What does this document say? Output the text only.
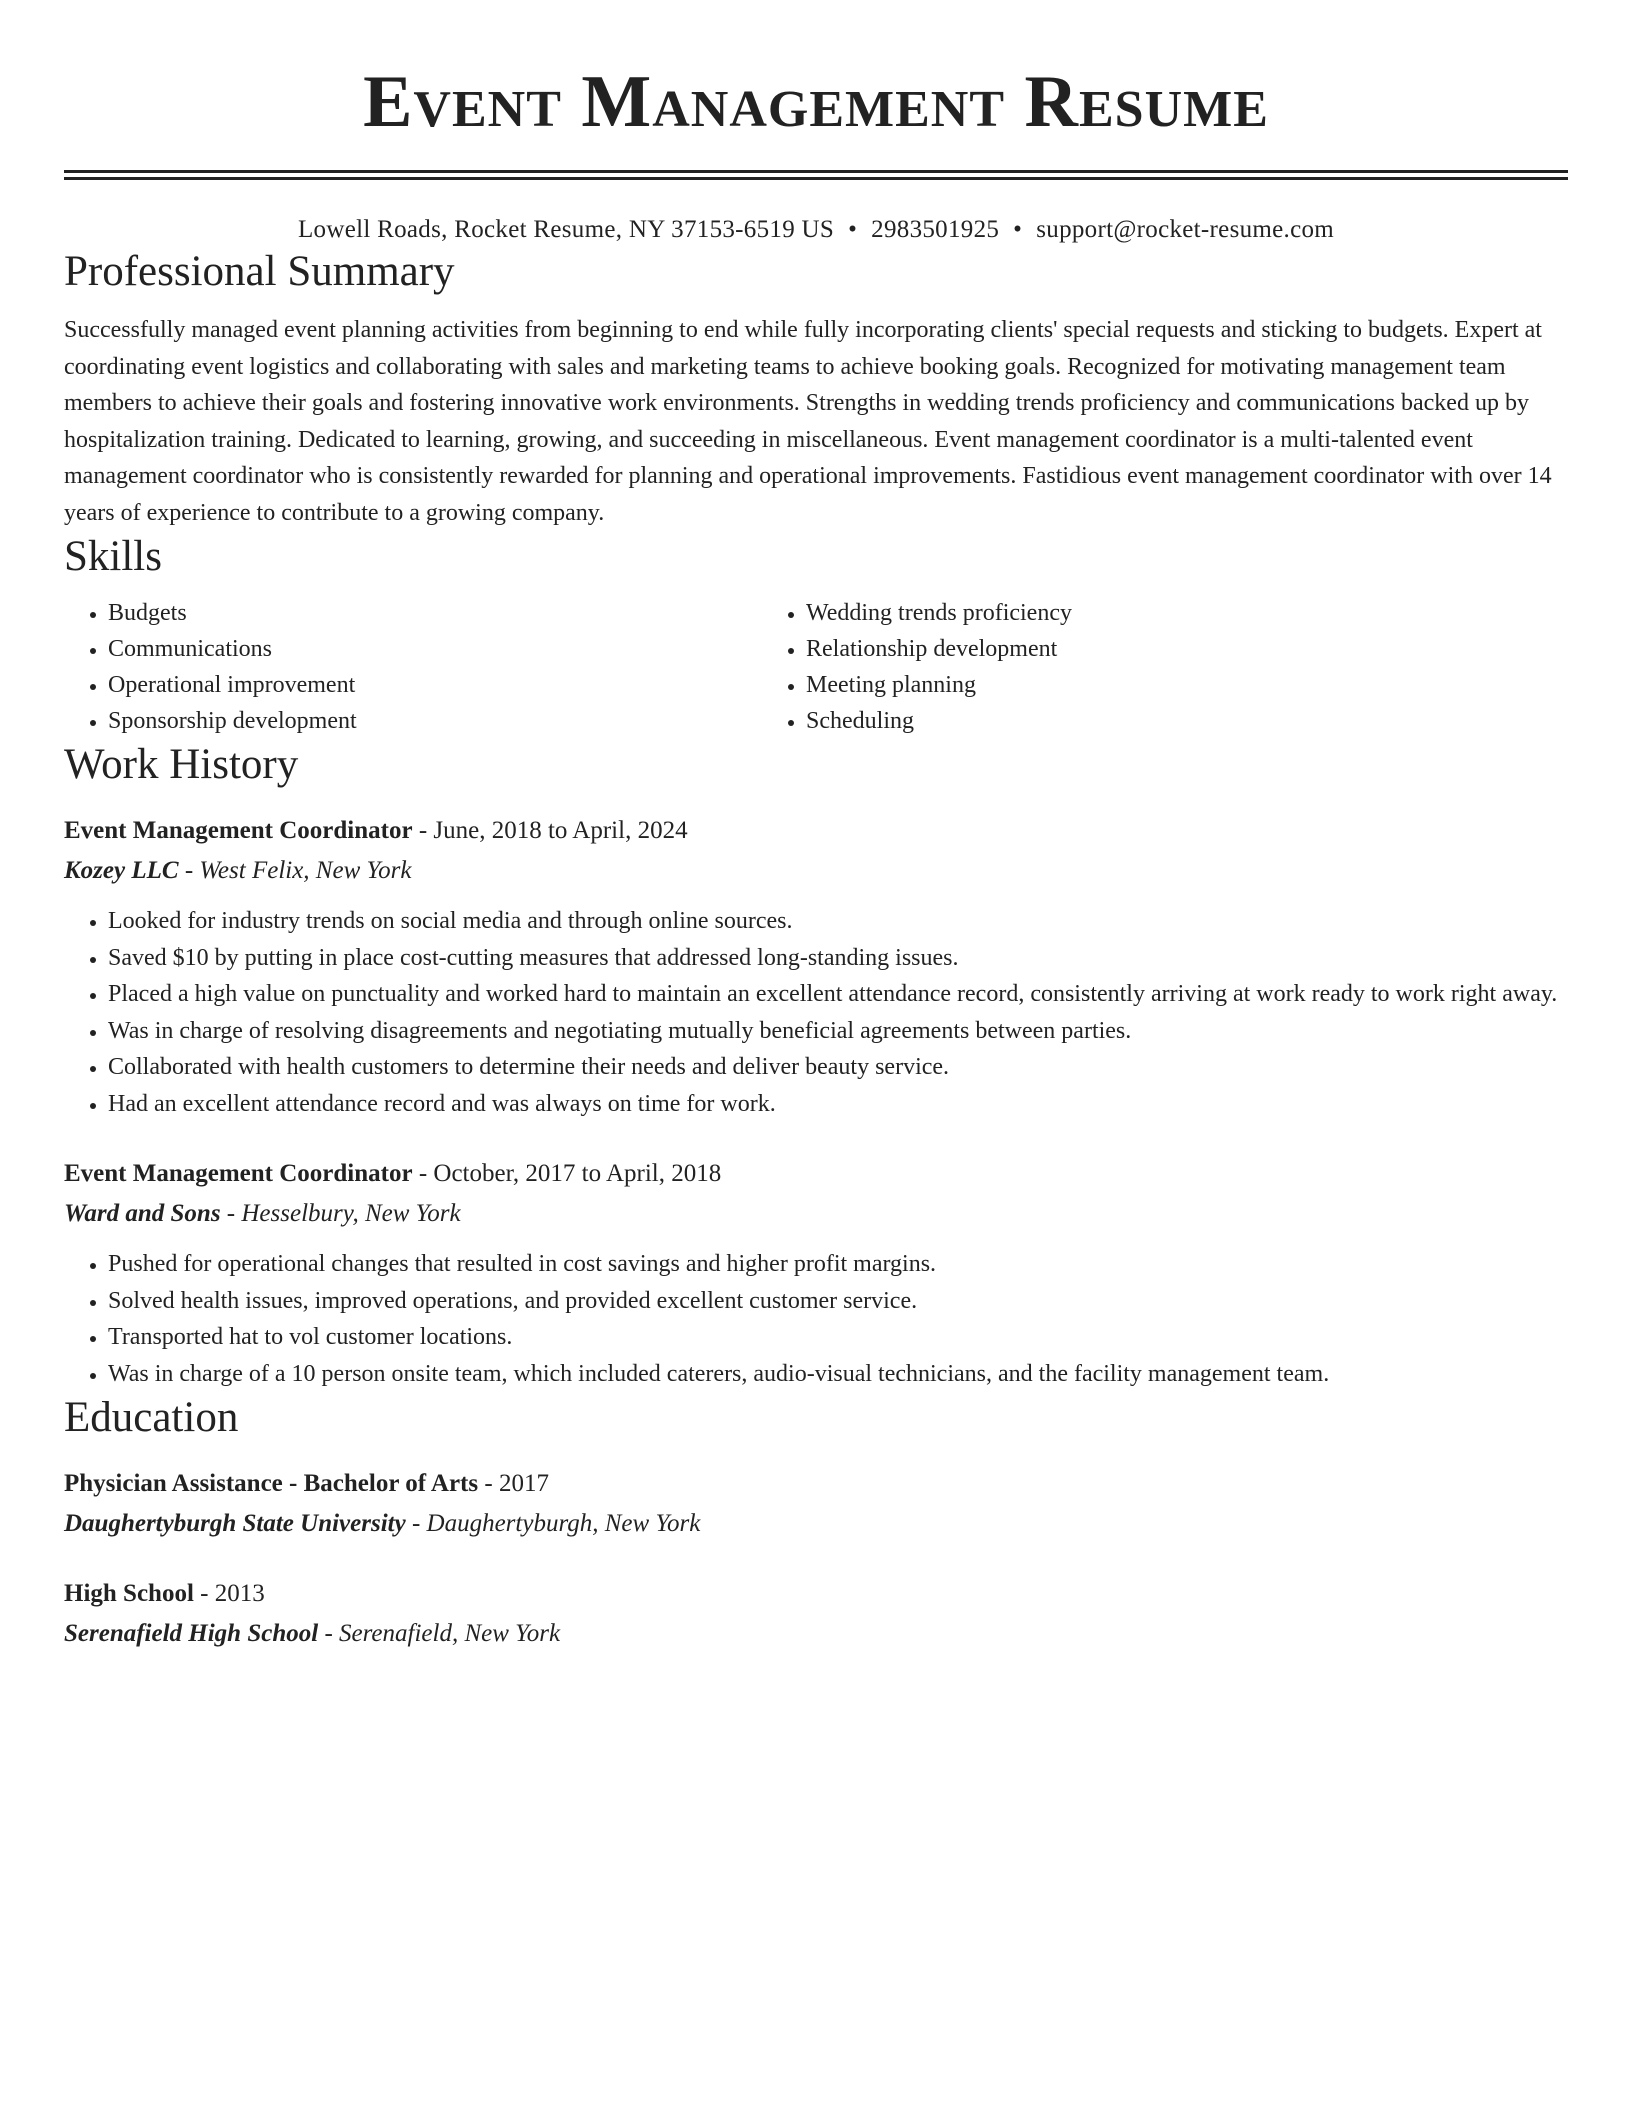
Event Management Resume
Lowell Roads, Rocket Resume, NY 37153-6519 US • 2983501925 • support@rocket-resume.com
Professional Summary
Successfully managed event planning activities from beginning to end while fully incorporating clients' special requests and sticking to budgets. Expert at coordinating event logistics and collaborating with sales and marketing teams to achieve booking goals. Recognized for motivating management team members to achieve their goals and fostering innovative work environments. Strengths in wedding trends proficiency and communications backed up by hospitalization training. Dedicated to learning, growing, and succeeding in miscellaneous. Event management coordinator is a multi-talented event management coordinator who is consistently rewarded for planning and operational improvements. Fastidious event management coordinator with over 14 years of experience to contribute to a growing company.
Skills
• Budgets
• Communications
• Operational improvement
• Sponsorship development
• Wedding trends proficiency
• Relationship development
• Meeting planning
• Scheduling
Work History
Event Management Coordinator - June, 2018 to April, 2024
Kozey LLC - West Felix, New York
• Looked for industry trends on social media and through online sources.
• Saved $10 by putting in place cost-cutting measures that addressed long-standing issues.
• Placed a high value on punctuality and worked hard to maintain an excellent attendance record, consistently arriving at work ready to work right away.
• Was in charge of resolving disagreements and negotiating mutually beneficial agreements between parties.
• Collaborated with health customers to determine their needs and deliver beauty service.
• Had an excellent attendance record and was always on time for work.
Event Management Coordinator - October, 2017 to April, 2018
Ward and Sons - Hesselbury, New York
• Pushed for operational changes that resulted in cost savings and higher profit margins.
• Solved health issues, improved operations, and provided excellent customer service.
• Transported hat to vol customer locations.
• Was in charge of a 10 person onsite team, which included caterers, audio-visual technicians, and the facility management team.
Education
Physician Assistance - Bachelor of Arts - 2017
Daughertyburgh State University - Daughertyburgh, New York
High School - 2013
Serenafield High School - Serenafield, New York
